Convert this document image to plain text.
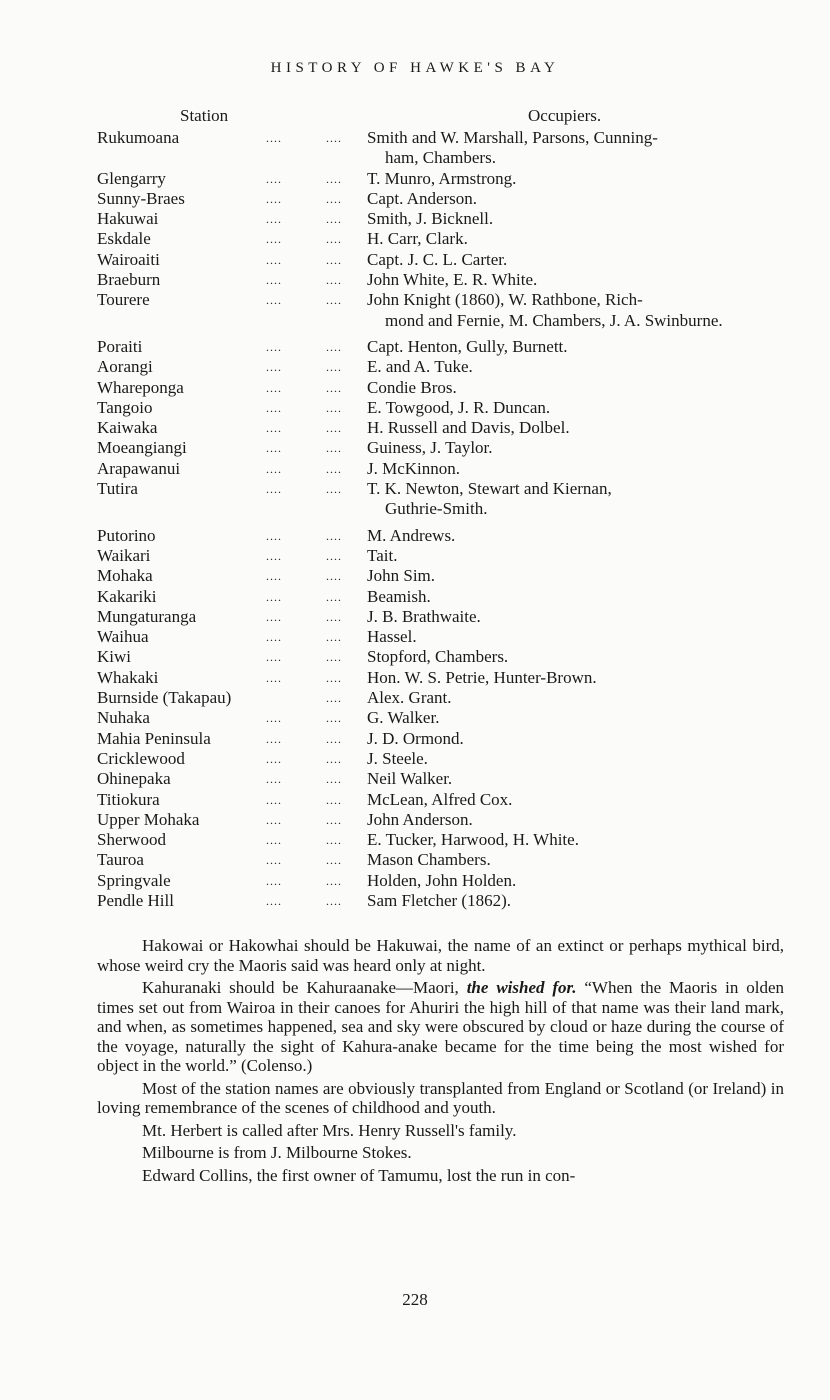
HISTORY OF HAWKE'S BAY
Station	Occupiers.
Rukumoana	....	.... Smith and W. Marshall, Parsons, Cunning-
ham, Chambers.
Glengarry	....	.... T. Munro, Armstrong.
Sunny-Braes	....	.... Capt. Anderson.
Hakuwai	....	.... Smith, J. Bicknell.
Eskdale	....	.... H. Carr, Clark.
Wairoaiti	....	.... Capt. J. C. L. Carter.
Braeburn	....	.... John White, E. R. White.
Tourere	....	.... John Knight (1860), W. Rathbone, Rich-
mond and Fernie, M. Chambers, J. A. Swinburne.
Poraiti	....	.... Capt. Henton, Gully, Burnett.
Aorangi	....	.... E. and A. Tuke.
Whareponga	....	.... Condie Bros.
Tangoio	....	.... E. Towgood, J. R. Duncan.
Kaiwaka	....	.... H. Russell and Davis, Dolbel.
Moeangiangi	....	.... Guiness, J. Taylor.
Arapawanui	....	.... J. McKinnon.
Tutira	....	.... T. K. Newton, Stewart and Kiernan,
Guthrie-Smith.
Putorino	....	.... M. Andrews.
Waikari	....	.... Tait.
Mohaka	....	.... John Sim.
Kakariki	....	.... Beamish.
Mungaturanga	....	.... J. B. Brathwaite.
Waihua	....	.... Hassel.
Kiwi	....	.... Stopford, Chambers.
Whakaki	....	.... Hon. W. S. Petrie, Hunter-Brown.
Burnside (Takapau)	.... Alex. Grant.
Nuhaka	....	.... G. Walker.
Mahia Peninsula	....	.... J. D. Ormond.
Cricklewood	....	.... J. Steele.
Ohinepaka	....	.... Neil Walker.
Titiokura	....	.... McLean, Alfred Cox.
Upper Mohaka	....	.... John Anderson.
Sherwood	....	.... E. Tucker, Harwood, H. White.
Tauroa	....	.... Mason Chambers.
Springvale	....	.... Holden, John Holden.
Pendle Hill	....	.... Sam Fletcher (1862).

Hakowai or Hakowhai should be Hakuwai, the name of an extinct or perhaps mythical bird, whose weird cry the Maoris said was heard only at night.

Kahuranaki should be Kahuraanake—Maori, the wished for. “When the Maoris in olden times set out from Wairoa in their canoes for Ahuriri the high hill of that name was their land mark, and when, as sometimes happened, sea and sky were obscured by cloud or haze during the course of the voyage, naturally the sight of Kahura-anake became for the time being the most wished for object in the world.” (Colenso.)

Most of the station names are obviously transplanted from England or Scotland (or Ireland) in loving remembrance of the scenes of childhood and youth.

Mt. Herbert is called after Mrs. Henry Russell's family.

Milbourne is from J. Milbourne Stokes.

Edward Collins, the first owner of Tamumu, lost the run in con-

228
